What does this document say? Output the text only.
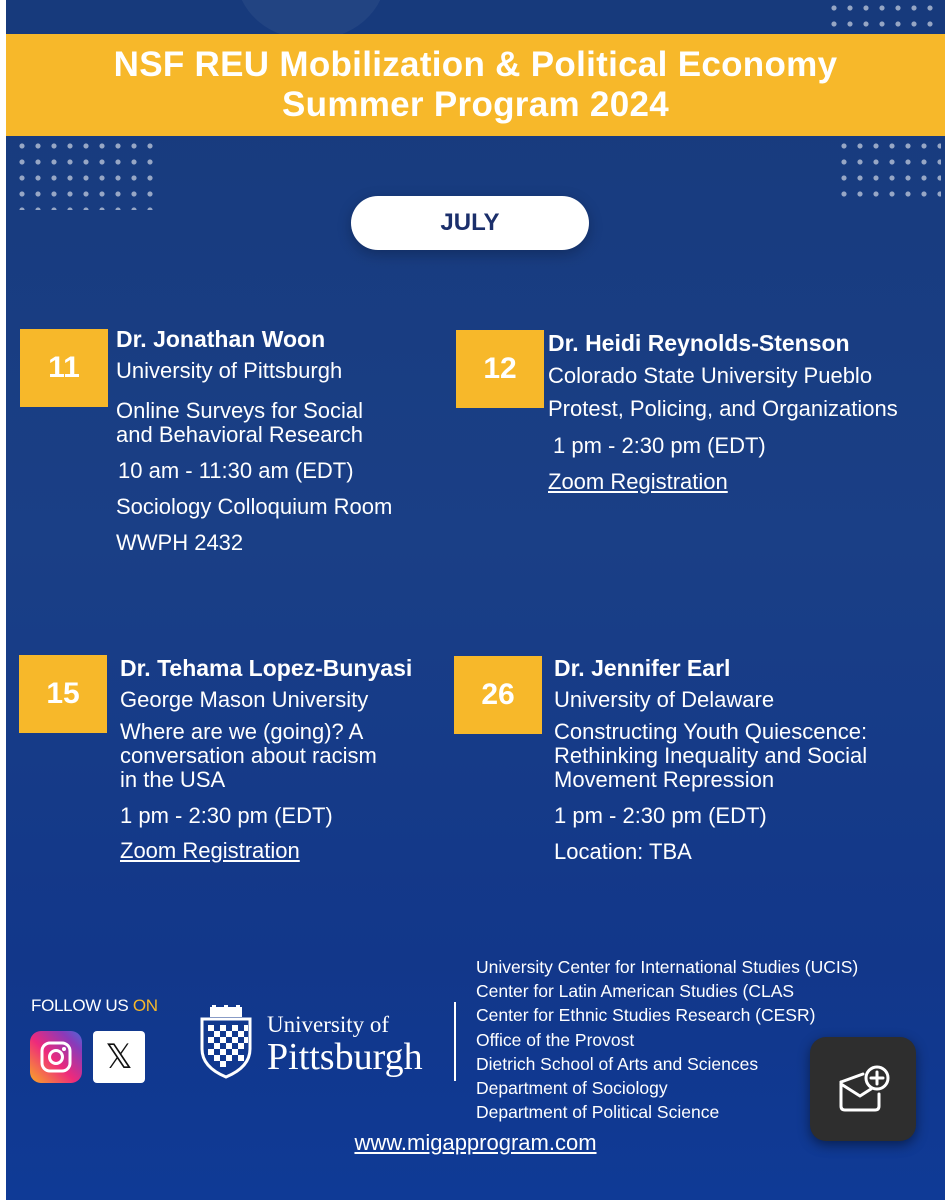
NSF REU Mobilization & Political Economy
Summer Program 2024
JULY
11
Dr. Jonathan Woon
University of Pittsburgh
Online Surveys for Social
and Behavioral Research
10 am - 11:30 am (EDT)
Sociology Colloquium Room
WWPH 2432
12
Dr. Heidi Reynolds-Stenson
Colorado State University Pueblo
Protest, Policing, and Organizations
1 pm - 2:30 pm (EDT)
Zoom Registration
15
Dr. Tehama Lopez-Bunyasi
George Mason University
Where are we (going)? A
conversation about racism
in the USA
1 pm - 2:30 pm (EDT)
Zoom Registration
26
Dr. Jennifer Earl
University of Delaware
Constructing Youth Quiescence:
Rethinking Inequality and Social
Movement Repression
1 pm - 2:30 pm (EDT)
Location: TBA
FOLLOW US ON
𝕏
University of
Pittsburgh
University Center for International Studies (UCIS)
Center for Latin American Studies (CLAS
Center for Ethnic Studies Research (CESR)
Office of the Provost
Dietrich School of Arts and Sciences
Department of Sociology
Department of Political Science
www.migapprogram.com
